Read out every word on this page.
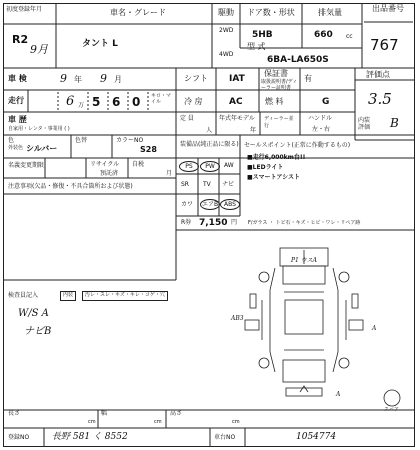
初度登録年月
R2
9月
車名・グレード
タント L
駆動
2WD
4WD
ドア数・形状
5HB
排気量
660 cc
型 式
6BA-LA650S
出品番号
767
車 検	9 年 9 月	シフト IAT
保証書
取扱説明書/ディーラー証明書
有	評価点
3.5
走行	6 万 5 6 0 キロ・マイル	冷 房	AC	燃 料	G
車 歴
自家用・レンタ・事業用 ( )
定 員
人
年式年モデル
年
ディーラー並行
ハンドル
左・右
内装評価	B
色
外装色 シルバー
色替	カラーNO
S28
名義変更期限	リサイクル
預託済
自税
月
注意事項(欠品・修復・不具合箇所および状態)
装備品(純正品に限る)
PS	PW	AW
SR TV ナビ
カワ	エアB ABS
R券 7,150 円
セールスポイント(正常に作動するもの)
■走行6,000km台!!
■LEDライト
■スマートアシスト
F/ガラス ・ トビ石・キズ・ヒビ・ワレ・リペア跡
検査員記入	内装	汚レ・スレ・キズ・キレ・コゲ・穴
W/S A
ナビB
P1 ウスA
AB3
A
A
スペア
長さ
cm
幅
cm
高さ
cm
登録NO	長野 581 く 8552	車台NO	1054774
